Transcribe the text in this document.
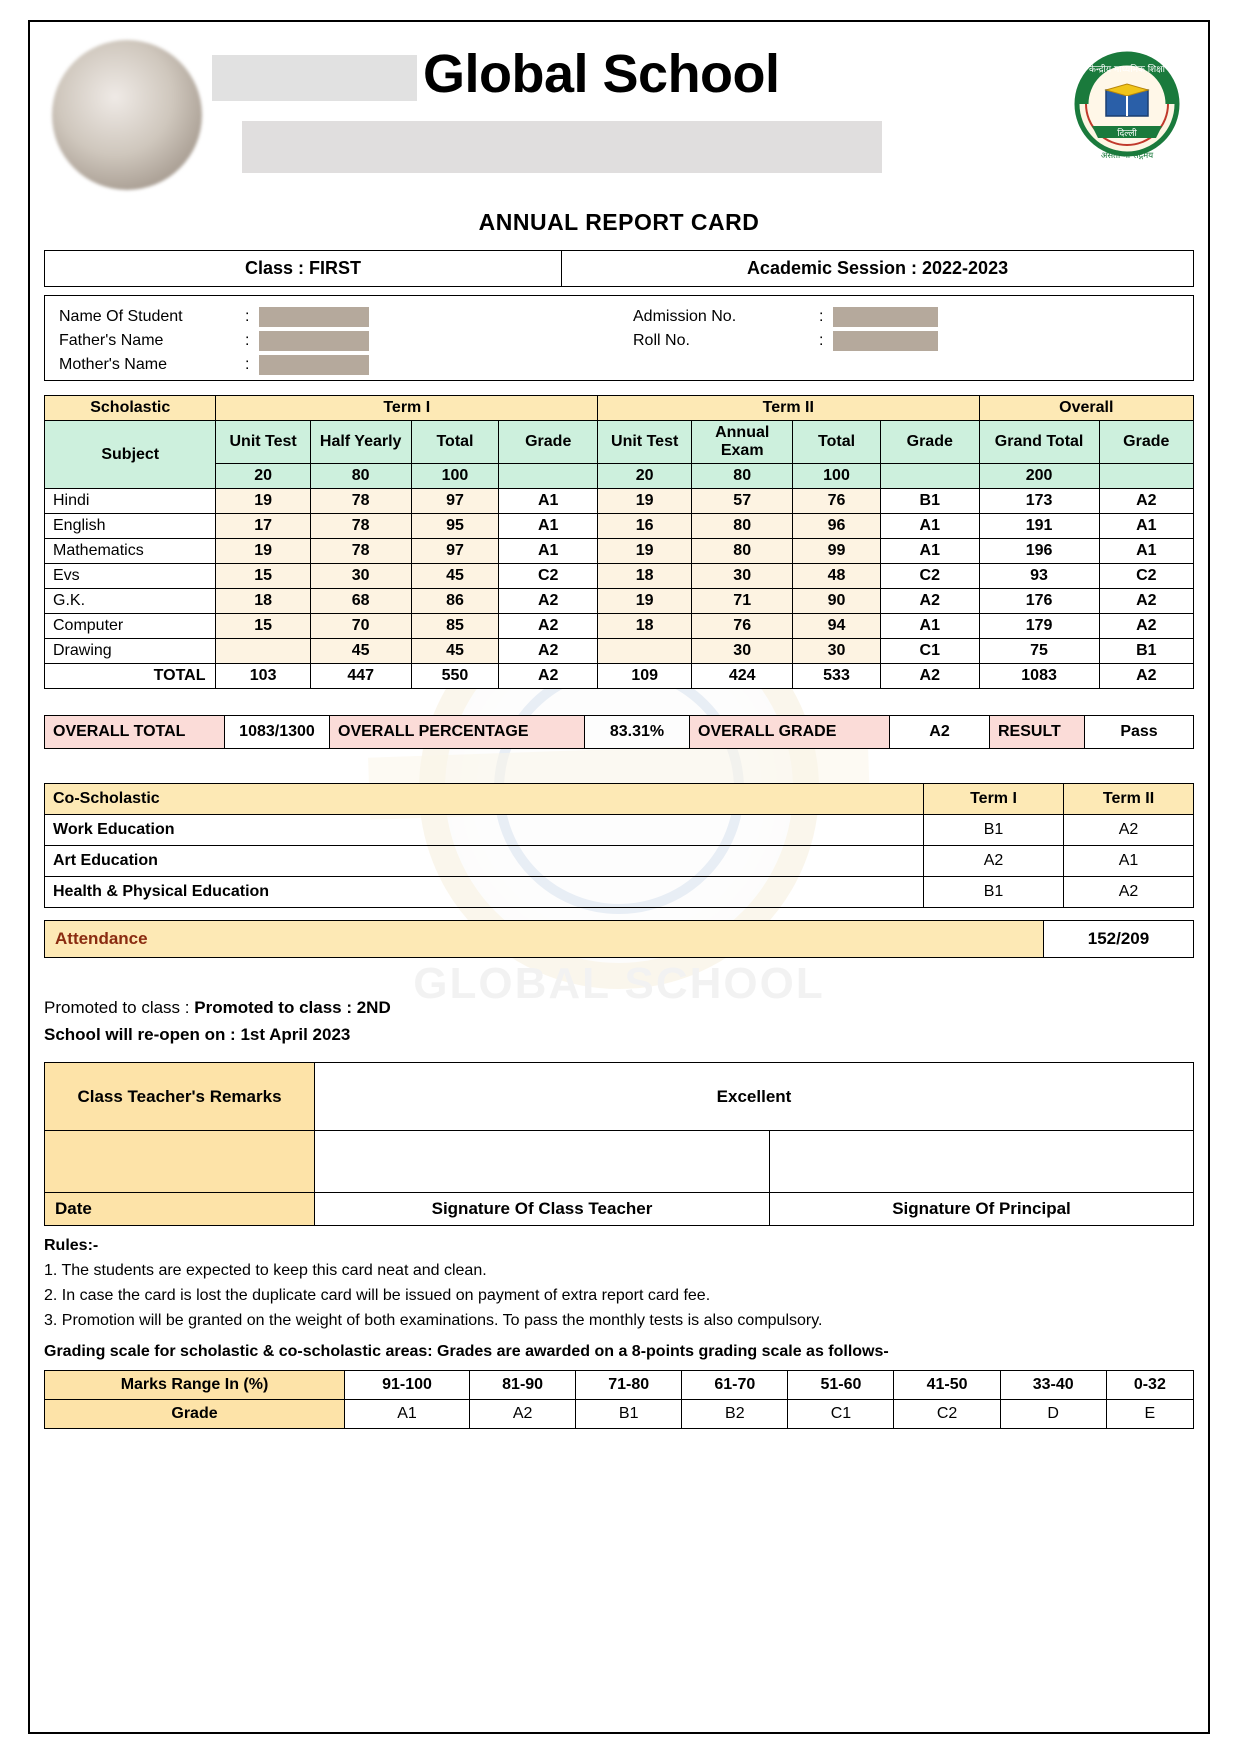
GLOBAL SCHOOL
Global School	केन्द्रीय माध्यमिक शिक्षा
दिल्ली
असतो मा सद्गमय
ANNUAL REPORT CARD
Class : FIRST	Academic Session : 2022-2023
Name Of Student	:
Father's Name	:
Mother's Name	:
Admission No.	:
Roll No.	:
Scholastic	Term I				Term II				Overall	
Subject	Unit Test	Half Yearly	Total	Grade	Unit Test	Annual Exam	Total	Grade	Grand Total	Grade
	20	80	100		20	80	100		200	
Hindi	19	78	97	A1	19	57	76	B1	173	A2
English	17	78	95	A1	16	80	96	A1	191	A1
Mathematics	19	78	97	A1	19	80	99	A1	196	A1
Evs	15	30	45	C2	18	30	48	C2	93	C2
G.K.	18	68	86	A2	19	71	90	A2	176	A2
Computer	15	70	85	A2	18	76	94	A1	179	A2
Drawing		45	45	A2		30	30	C1	75	B1
TOTAL	103	447	550	A2	109	424	533	A2	1083	A2
OVERALL TOTAL	1083/1300	OVERALL PERCENTAGE	83.31%	OVERALL GRADE	A2	RESULT	Pass
Co-Scholastic	Term I	Term II
Work Education	B1	A2
Art Education	A2	A1
Health & Physical Education	B1	A2
Attendance	152/209
Promoted to class : Promoted to class : 2ND
School will re-open on : 1st April 2023
Class Teacher's Remarks	Excellent	

Date	Signature Of Class Teacher	Signature Of Principal
Rules:-
1. The students are expected to keep this card neat and clean.
2. In case the card is lost the duplicate card will be issued on payment of extra report card fee.
3. Promotion will be granted on the weight of both examinations. To pass the monthly tests is also compulsory.
Grading scale for scholastic & co-scholastic areas: Grades are awarded on a 8-points grading scale as follows-
Marks Range In (%)	91-100	81-90	71-80	61-70	51-60	41-50	33-40	0-32
Grade	A1	A2	B1	B2	C1	C2	D	E
